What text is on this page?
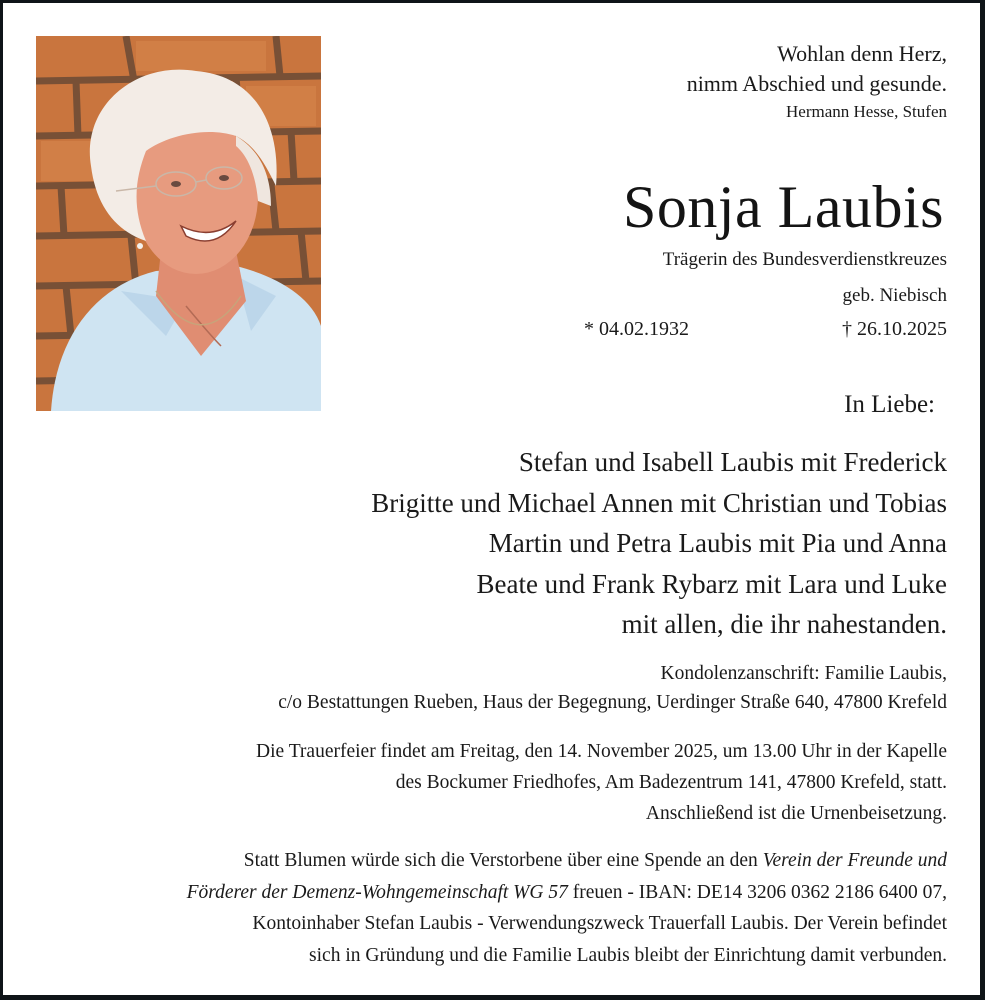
Wohlan denn Herz,
nimm Abschied und gesunde.
Hermann Hesse, Stufen
Sonja Laubis
Trägerin des Bundesverdienstkreuzes
geb. Niebisch
* 04.02.1932	† 26.10.2025
In Liebe:
Stefan und Isabell Laubis mit Frederick
Brigitte und Michael Annen mit Christian und Tobias
Martin und Petra Laubis mit Pia und Anna
Beate und Frank Rybarz mit Lara und Luke
mit allen, die ihr nahestanden.
Kondolenzanschrift: Familie Laubis,
c/o Bestattungen Rueben, Haus der Begegnung, Uerdinger Straße 640, 47800 Krefeld
Die Trauerfeier findet am Freitag, den 14. November 2025, um 13.00 Uhr in der Kapelle
des Bockumer Friedhofes, Am Badezentrum 141, 47800 Krefeld, statt.
Anschließend ist die Urnenbeisetzung.
Statt Blumen würde sich die Verstorbene über eine Spende an den Verein der Freunde und
Förderer der Demenz-Wohngemeinschaft WG 57 freuen - IBAN: DE14 3206 0362 2186 6400 07,
Kontoinhaber Stefan Laubis - Verwendungszweck Trauerfall Laubis. Der Verein befindet
sich in Gründung und die Familie Laubis bleibt der Einrichtung damit verbunden.
